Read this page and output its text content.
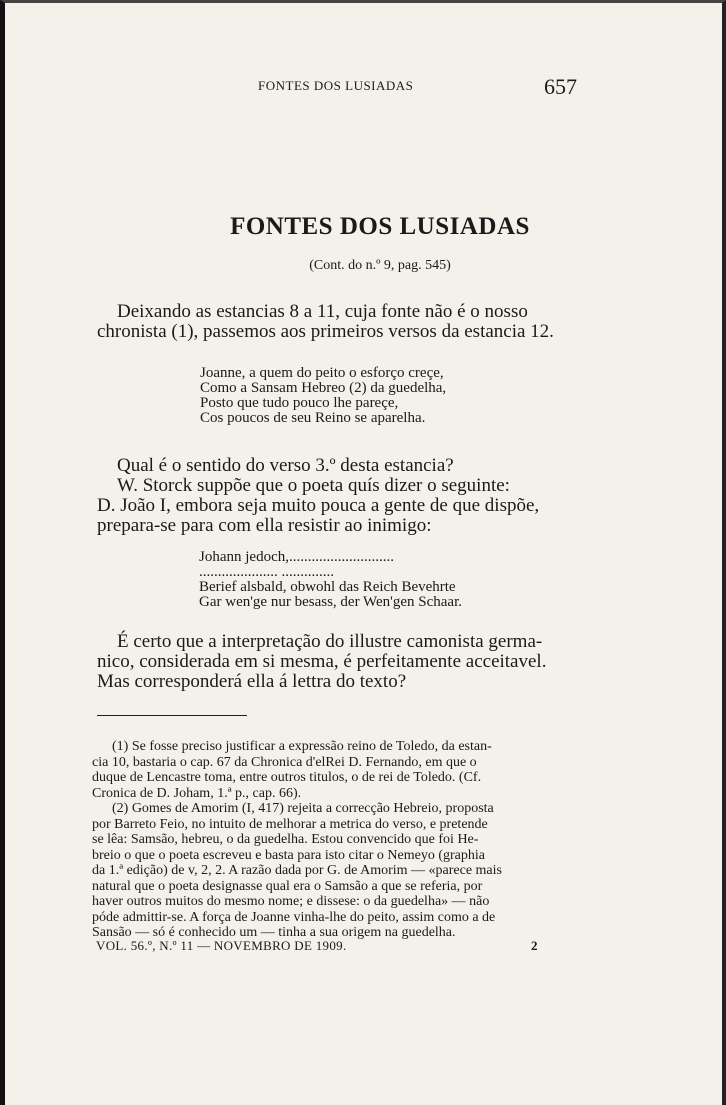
FONTES DOS LUSIADAS	657
FONTES DOS LUSIADAS
(Cont. do n.º 9, pag. 545)

Deixando as estancias 8 a 11, cuja fonte não é o nosso

chronista (1), passemos aos primeiros versos da estancia 12.

Joanne, a quem do peito o esforço creçe,
Como a Sansam Hebreo (2) da guedelha,
Posto que tudo pouco lhe pareçe,
Cos poucos de seu Reino se aparelha.

Qual é o sentido do verso 3.º desta estancia?

W. Storck suppõe que o poeta quís dizer o seguinte:

D. João I, embora seja muito pouca a gente de que dispõe,

prepara-se para com ella resistir ao inimigo:

Johann jedoch,............................
..................... ..............
Berief alsbald, obwohl das Reich Bevehrte
Gar wen'ge nur besass, der Wen'gen Schaar.

É certo que a interpretação do illustre camonista germa-

nico, considerada em si mesma, é perfeitamente acceitavel.

Mas corresponderá ella á lettra do texto?

(1) Se fosse preciso justificar a expressão reino de Toledo, da estan-

cia 10, bastaria o cap. 67 da Chronica d'elRei D. Fernando, em que o

duque de Lencastre toma, entre outros titulos, o de rei de Toledo. (Cf.

Cronica de D. Joham, 1.ª p., cap. 66).

(2) Gomes de Amorim (I, 417) rejeita a correcção Hebreio, proposta

por Barreto Feio, no intuito de melhorar a metrica do verso, e pretende

se lêa: Samsão, hebreu, o da guedelha. Estou convencido que foi He-

breio o que o poeta escreveu e basta para isto citar o Nemeyo (graphia

da 1.ª edição) de v, 2, 2. A razão dada por G. de Amorim — «parece mais

natural que o poeta designasse qual era o Samsão a que se referia, por

haver outros muitos do mesmo nome; e dissese: o da guedelha» — não

póde admittir-se. A força de Joanne vinha-lhe do peito, assim como a de

Sansão — só é conhecido um — tinha a sua origem na guedelha.

VOL. 56.º, N.º 11 — NOVEMBRO DE 1909.	2
